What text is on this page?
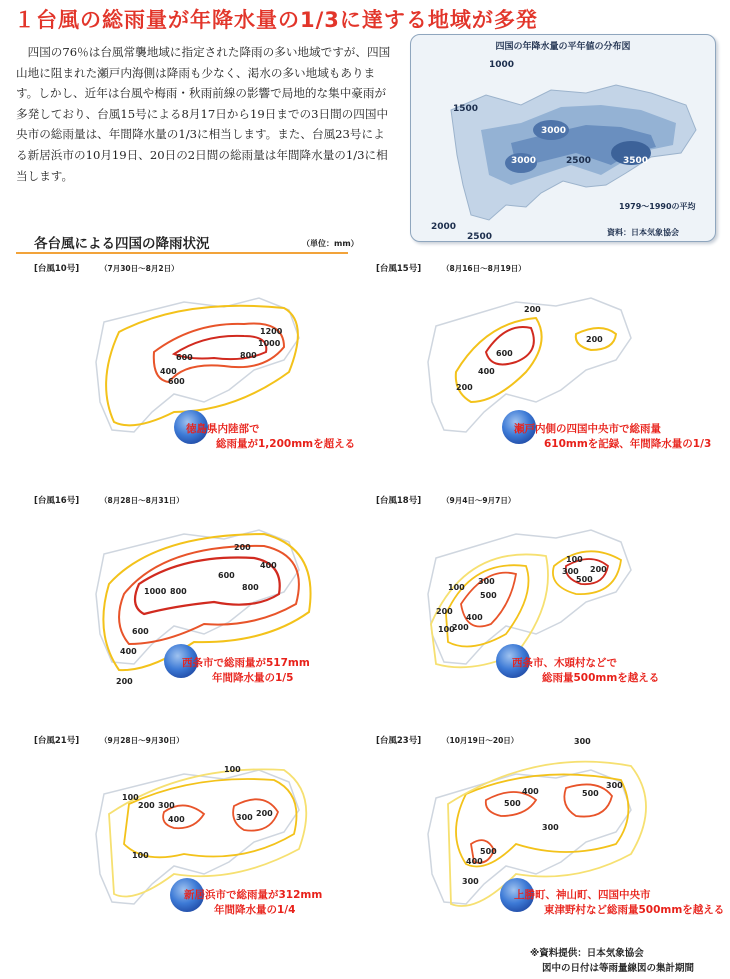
１台風の総雨量が年降水量の1/3に達する地域が多発
四国の76％は台風常襲地域に指定された降雨の多い地域ですが、四国山地に阻まれた瀬戸内海側は降雨も少なく、渇水の多い地域もあります。しかし、近年は台風や梅雨・秋雨前線の影響で局地的な集中豪雨が多発しており、台風15号による8月17日から19日までの3日間の四国中央市の総雨量は、年間降水量の1/3に相当します。また、台風23号による新居浜市の10月19日、20日の2日間の総雨量は年間降水量の1/3に相当します。
1000
1500
3000
3000	2500	3500
2000
2500
四国の年降水量の平年値の分布図
1979～1990の平均
資料：日本気象協会
各台風による四国の降雨状況	（単位：mm）
[台風10号]	（7月30日～8月2日）
1200
1000
600	800
400
600
徳島県内陸部で
総雨量が1,200mmを超える
[台風15号]	（8月16日～8月19日）
200
200
600
400
200
瀬戸内側の四国中央市で総雨量
610mmを記録、年間降水量の1/3
[台風16号]	（8月28日～8月31日）
200
400
600
1000 800	800
600
400
200
西条市で総雨量が517mm
年間降水量の1/5
[台風18号]	（9月4日～9月7日）
100
300
200
500
400
100
200
300
500
200
100
西条市、木頭村などで
総雨量500mmを越える
[台風21号]	（9月28日～9月30日）
100
100
200 300
400	300 200
100
新居浜市で総雨量が312mm
年間降水量の1/4
[台風23号]	（10月19日～20日）	300
500
400	500
300
300
500
400
300
上勝町、神山町、四国中央市
東津野村など総雨量500mmを越える
※資料提供：日本気象協会
図中の日付は等雨量線図の集計期間
